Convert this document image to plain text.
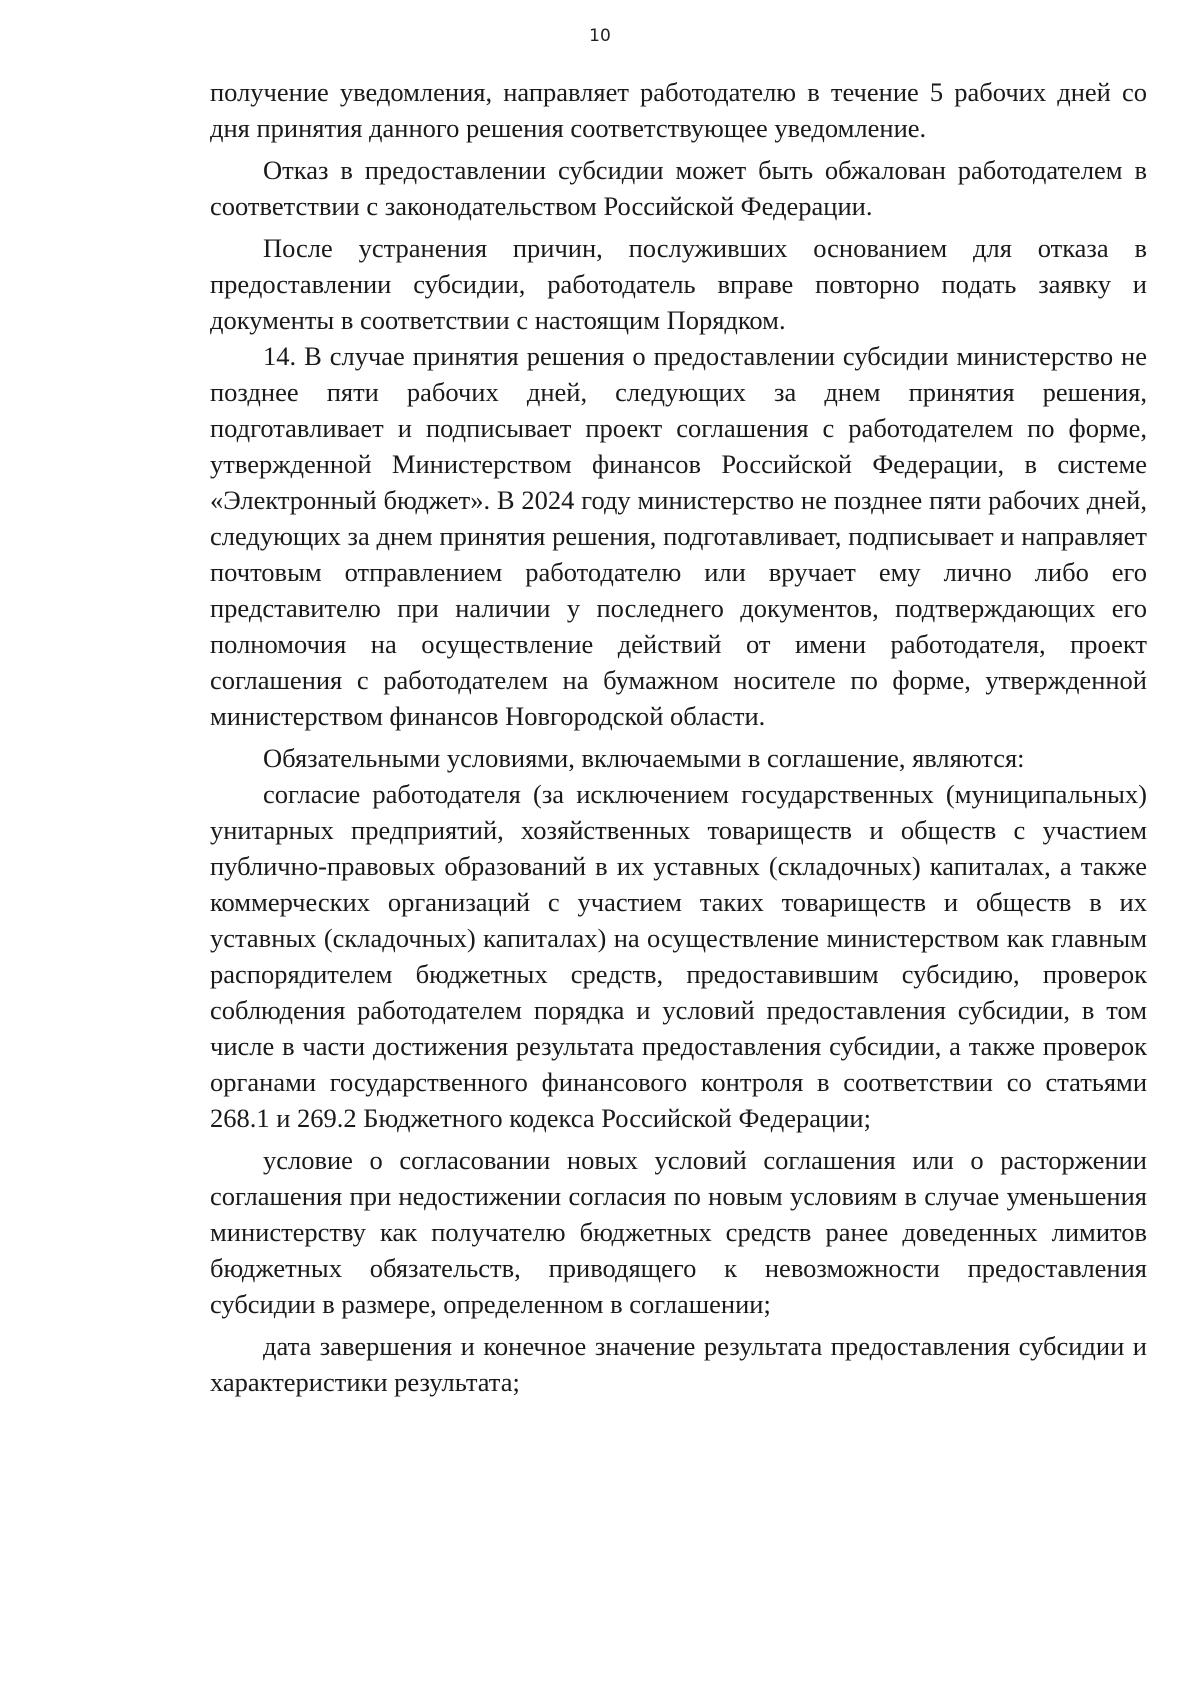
10

получение уведомления, направляет работодателю в течение 5 рабочих дней со дня принятия данного решения соответствующее уведомление.

Отказ в предоставлении субсидии может быть обжалован работодателем в соответствии с законодательством Российской Федерации.

После устранения причин, послуживших основанием для отказа в предоставлении субсидии, работодатель вправе повторно подать заявку и документы в соответствии с настоящим Порядком.

14. В случае принятия решения о предоставлении субсидии министерство не позднее пяти рабочих дней, следующих за днем принятия решения, подготавливает и подписывает проект соглашения с работодателем по форме, утвержденной Министерством финансов Российской Федерации, в системе «Электронный бюджет». В 2024 году министерство не позднее пяти рабочих дней, следующих за днем принятия решения, подготавливает, подписывает и направляет почтовым отправлением работодателю или вручает ему лично либо его представителю при наличии у последнего документов, подтверждающих его полномочия на осуществление действий от имени работодателя, проект соглашения с работодателем на бумажном носителе по форме, утвержденной министерством финансов Новгородской области.

Обязательными условиями, включаемыми в соглашение, являются:

согласие работодателя (за исключением государственных (муниципальных) унитарных предприятий, хозяйственных товариществ и обществ с участием публично-правовых образований в их уставных (складочных) капиталах, а также коммерческих организаций с участием таких товариществ и обществ в их уставных (складочных) капиталах) на осуществление министерством как главным распорядителем бюджетных средств, предоставившим субсидию, проверок соблюдения работодателем порядка и условий предоставления субсидии, в том числе в части достижения результата предоставления субсидии, а также проверок органами государственного финансового контроля в соответствии со статьями 268.1 и 269.2 Бюджетного кодекса Российской Федерации;

условие о согласовании новых условий соглашения или о расторжении соглашения при недостижении согласия по новым условиям в случае уменьшения министерству как получателю бюджетных средств ранее доведенных лимитов бюджетных обязательств, приводящего к невозможности предоставления субсидии в размере, определенном в соглашении;

дата завершения и конечное значение результата предоставления субсидии и характеристики результата;
